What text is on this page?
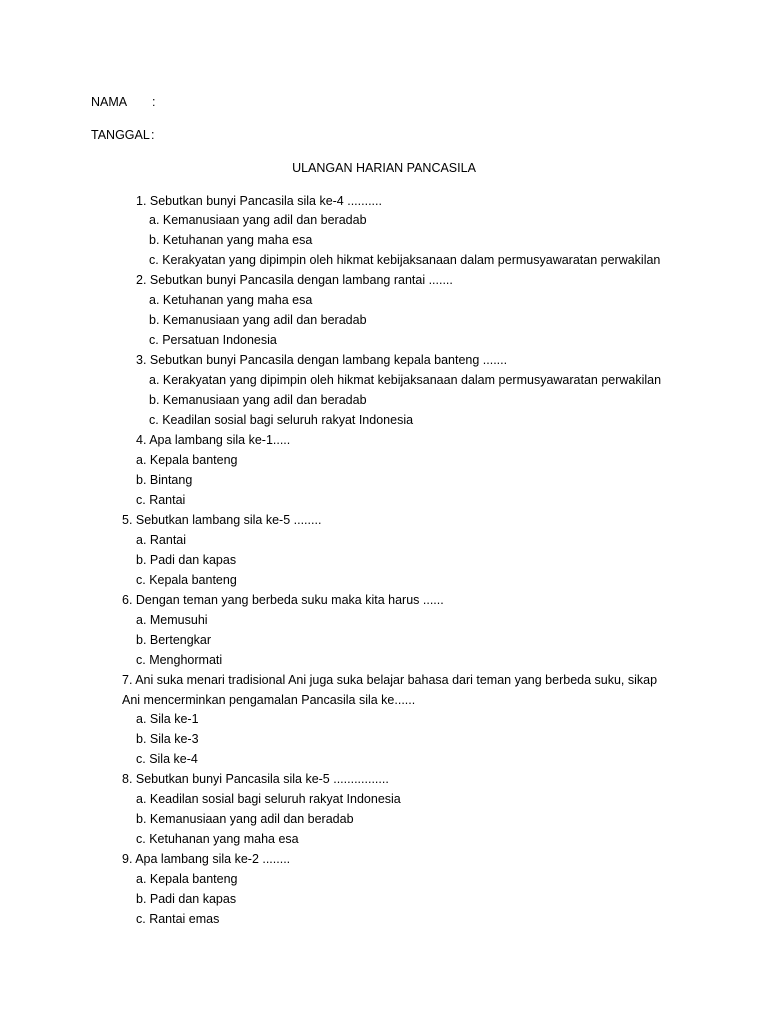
NAMA :
TANGGAL :
ULANGAN HARIAN PANCASILA
1. Sebutkan bunyi Pancasila sila ke-4 ..........
a. Kemanusiaan yang adil dan beradab
b. Ketuhanan yang maha esa
c. Kerakyatan yang dipimpin oleh hikmat kebijaksanaan dalam permusyawaratan perwakilan
2. Sebutkan bunyi Pancasila dengan lambang rantai .......
a. Ketuhanan yang maha esa
b. Kemanusiaan yang adil dan beradab
c. Persatuan Indonesia
3. Sebutkan bunyi Pancasila dengan lambang kepala banteng .......
a. Kerakyatan yang dipimpin oleh hikmat kebijaksanaan dalam permusyawaratan perwakilan
b. Kemanusiaan yang adil dan beradab
c. Keadilan sosial bagi seluruh rakyat Indonesia
4. Apa lambang sila ke-1.....
a. Kepala banteng
b. Bintang
c. Rantai
5. Sebutkan lambang sila ke-5 ........
a. Rantai
b. Padi dan kapas
c. Kepala banteng
6. Dengan teman yang berbeda suku maka kita harus ......
a. Memusuhi
b. Bertengkar
c. Menghormati
7. Ani suka menari tradisional Ani juga suka belajar bahasa dari teman yang berbeda suku, sikap
Ani mencerminkan pengamalan Pancasila sila ke......
a. Sila ke-1
b. Sila ke-3
c. Sila ke-4
8. Sebutkan bunyi Pancasila sila ke-5 ................
a. Keadilan sosial bagi seluruh rakyat Indonesia
b. Kemanusiaan yang adil dan beradab
c. Ketuhanan yang maha esa
9. Apa lambang sila ke-2 ........
a. Kepala banteng
b. Padi dan kapas
c. Rantai emas
